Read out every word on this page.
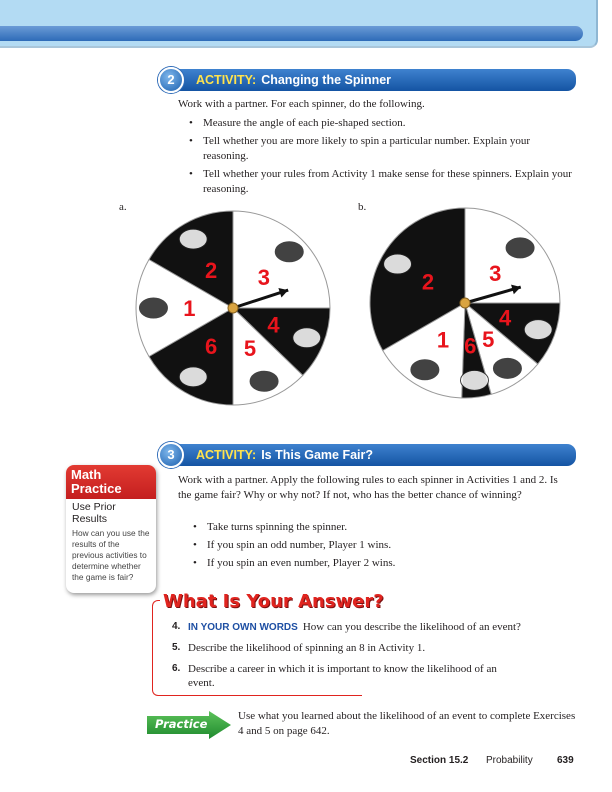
ACTIVITY: Changing the Spinner
2
Work with a partner. For each spinner, do the following.
• Measure the angle of each pie-shaped section.
• Tell whether you are more likely to spin a particular number. Explain your reasoning.
• Tell whether your rules from Activity 1 make sense for these spinners. Explain your reasoning.
a.	b.
3
4
5
6
1
2	3
4
5
6
1
2
ACTIVITY: Is This Game Fair?
3
Work with a partner. Apply the following rules to each spinner in Activities 1 and 2. Is the game fair? Why or why not? If not, who has the better chance of winning?
• Take turns spinning the spinner.
• If you spin an odd number, Player 1 wins.
• If you spin an even number, Player 2 wins.
Math
Practice
Use Prior Results
How can you use the results of the previous activities to determine whether the game is fair?
What Is Your Answer?
4. IN YOUR OWN WORDS How can you describe the likelihood of an event?
5. Describe the likelihood of spinning an 8 in Activity 1.
6. Describe a career in which it is important to know the likelihood of an event.
Practice
Use what you learned about the likelihood of an event to complete Exercises 4 and 5 on page 642.
Section 15.2 Probability 639
